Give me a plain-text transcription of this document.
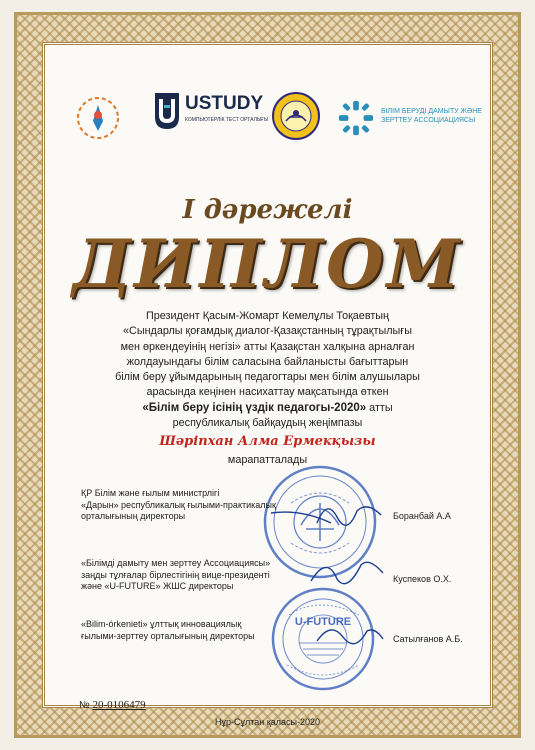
USTUDY
КОМПЬЮТЕРЛІК ТЕСТ ОРТАЛЫҒЫ
БІЛІМ БЕРУДІ ДАМЫТУ ЖӘНЕ ЗЕРТТЕУ АССОЦИАЦИЯСЫ
І дәрежелі
ДИПЛОМ
Президент Қасым-Жомарт Кемелұлы Тоқаевтың
«Сындарлы қоғамдық диалог-Қазақстанның тұрақтылығы
мен өркендеуінің негізі» атты Қазақстан халқына арналған
жолдауындағы білім саласына байланысты бағыттарын
білім беру ұйымдарының педагогтары мен білім алушылары
арасында кеңінен насихаттау мақсатында өткен
«Білім беру ісінің үздік педагогы-2020» атты
республикалық байқаудың жеңімпазы
Шәріпхан Алма Ермекқызы
марапатталады
U-FUTURE
ҚР Білім және ғылым министрлігі
«Дарын» республикалық ғылыми-практикалық
орталығының директоры	Боранбай А.А
«Білімді дамыту мен зерттеу Ассоциациясы»
заңды тұлғалар бірлестігінің вице-президенті
және «U-FUTURE» ЖШС директоры
Куспеков О.Х.
«Bilim-órkenieti» ұлттық инновациялық
ғылыми-зерттеу орталығының директоры	Сатылғанов А.Б.
№ 20-0106479
Нұр-Сұлтан қаласы-2020
